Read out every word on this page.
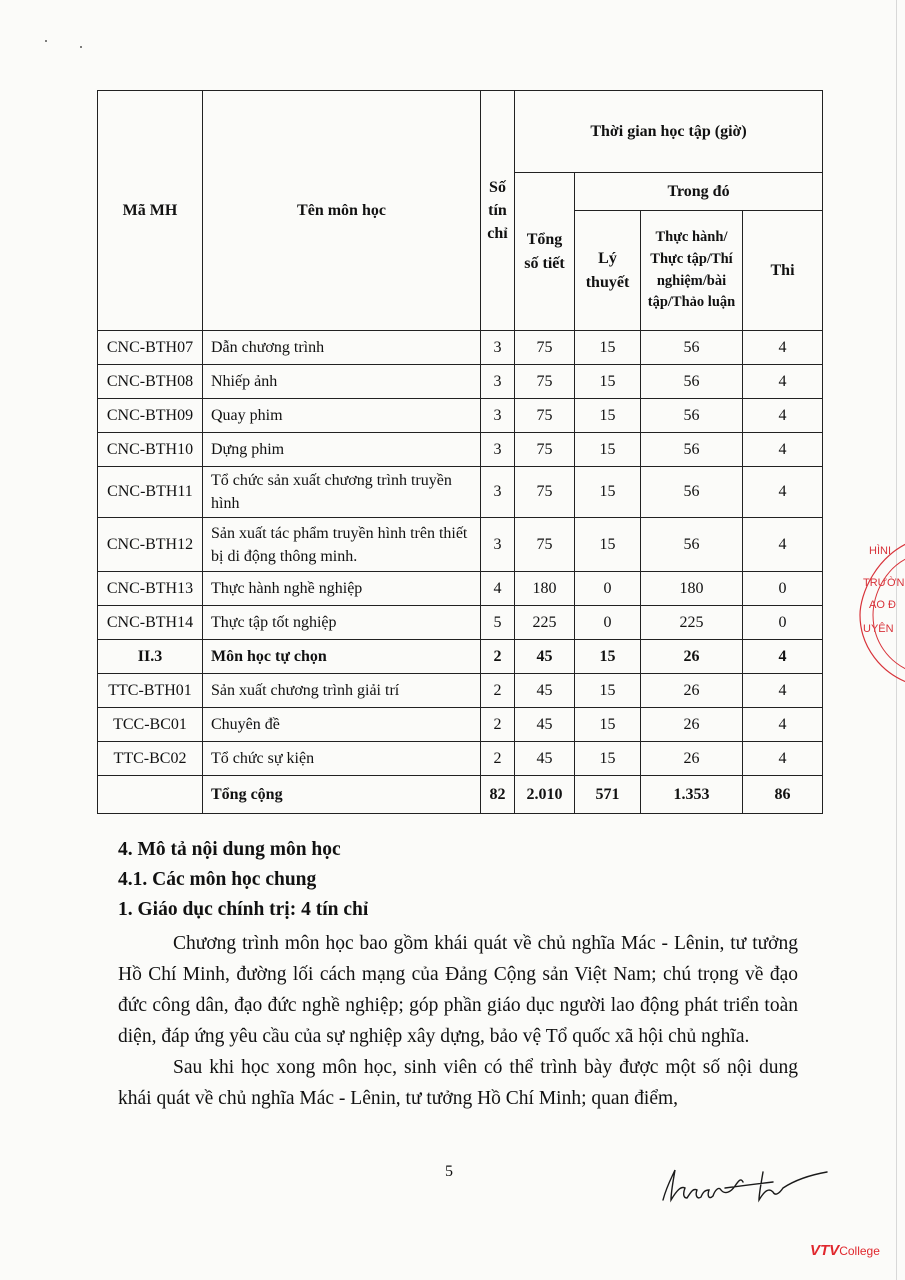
Mã MH	Tên môn học	Số tín chỉ	Thời gian học tập (giờ)			
			Tổng số tiết	Trong đó		
				Lý thuyết	Thực hành/ Thực tập/Thí nghiệm/bài tập/Thảo luận	Thi
CNC-BTH07	Dẫn chương trình	3	75	15	56	4
CNC-BTH08	Nhiếp ảnh	3	75	15	56	4
CNC-BTH09	Quay phim	3	75	15	56	4
CNC-BTH10	Dựng phim	3	75	15	56	4
CNC-BTH11	Tổ chức sản xuất chương trình truyền hình	3	75	15	56	4
CNC-BTH12	Sản xuất tác phẩm truyền hình trên thiết bị di động thông minh.	3	75	15	56	4
CNC-BTH13	Thực hành nghề nghiệp	4	180	0	180	0
CNC-BTH14	Thực tập tốt nghiệp	5	225	0	225	0
II.3	Môn học tự chọn	2	45	15	26	4
TTC-BTH01	Sản xuất chương trình giải trí	2	45	15	26	4
TCC-BC01	Chuyên đề	2	45	15	26	4
TTC-BC02	Tổ chức sự kiện	2	45	15	26	4
	Tổng cộng	82	2.010	571	1.353	86

4. Mô tả nội dung môn học

4.1. Các môn học chung

1. Giáo dục chính trị: 4 tín chỉ

Chương trình môn học bao gồm khái quát về chủ nghĩa Mác - Lênin, tư tưởng Hồ Chí Minh, đường lối cách mạng của Đảng Cộng sản Việt Nam; chú trọng về đạo đức công dân, đạo đức nghề nghiệp; góp phần giáo dục người lao động phát triển toàn diện, đáp ứng yêu cầu của sự nghiệp xây dựng, bảo vệ Tổ quốc xã hội chủ nghĩa.

Sau khi học xong môn học, sinh viên có thể trình bày được một số nội dung khái quát về chủ nghĩa Mác - Lênin, tư tưởng Hồ Chí Minh; quan điểm,

5
HÌNI
TRƯỜN
AO Đ
UYÊN
VTVCollege
